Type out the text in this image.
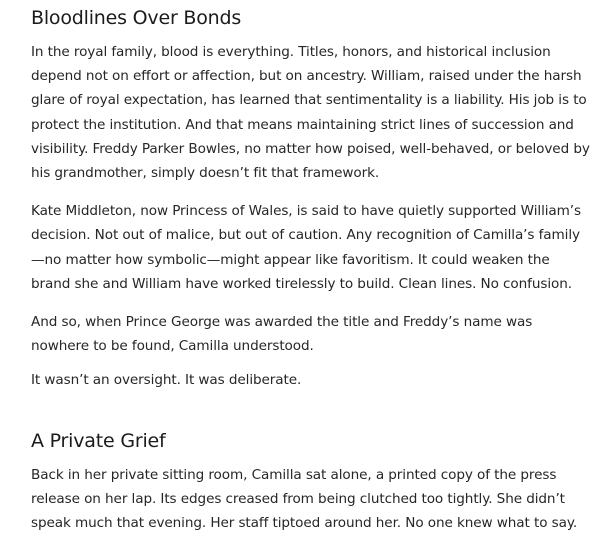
Bloodlines Over Bonds

In the royal family, blood is everything. Titles, honors, and historical inclusion depend not on effort or affection, but on ancestry. William, raised under the harsh glare of royal expectation, has learned that sentimentality is a liability. His job is to protect the institution. And that means maintaining strict lines of succession and visibility. Freddy Parker Bowles, no matter how poised, well-behaved, or beloved by his grandmother, simply doesn’t fit that framework.

Kate Middleton, now Princess of Wales, is said to have quietly supported William’s decision. Not out of malice, but out of caution. Any recognition of Camilla’s family—no matter how symbolic—might appear like favoritism. It could weaken the brand she and William have worked tirelessly to build. Clean lines. No confusion.

And so, when Prince George was awarded the title and Freddy’s name was nowhere to be found, Camilla understood.

It wasn’t an oversight. It was deliberate.

A Private Grief

Back in her private sitting room, Camilla sat alone, a printed copy of the press release on her lap. Its edges creased from being clutched too tightly. She didn’t speak much that evening. Her staff tiptoed around her. No one knew what to say.
